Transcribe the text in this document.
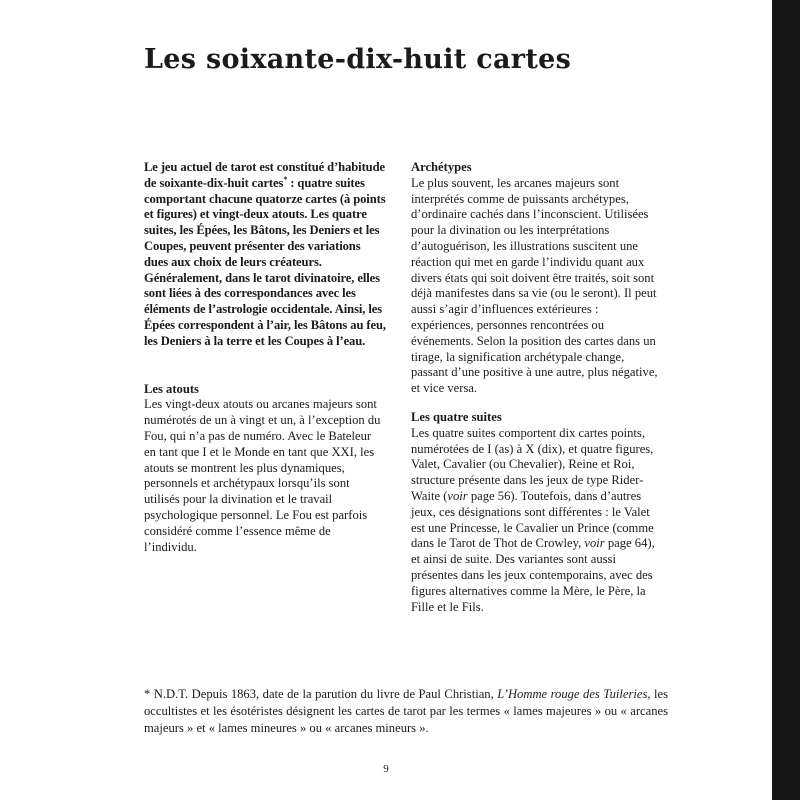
Les soixante-dix-huit cartes

Le jeu actuel de tarot est constitué d’habitude de soixante-dix-huit cartes* : quatre suites comportant chacune quatorze cartes (à points et figures) et vingt-deux atouts. Les quatre suites, les Épées, les Bâtons, les Deniers et les Coupes, peuvent présenter des variations dues aux choix de leurs créateurs. Généralement, dans le tarot divinatoire, elles sont liées à des correspondances avec les éléments de l’astrologie occidentale. Ainsi, les Épées correspondent à l’air, les Bâtons au feu, les Deniers à la terre et les Coupes à l’eau.

Les atouts

Les vingt-deux atouts ou arcanes majeurs sont numérotés de un à vingt et un, à l’exception du Fou, qui n’a pas de numéro. Avec le Bateleur en tant que I et le Monde en tant que XXI, les atouts se montrent les plus dynamiques, personnels et archétypaux lorsqu’ils sont utilisés pour la divination et le travail psychologique personnel. Le Fou est parfois considéré comme l’essence même de l’individu.

Archétypes

Le plus souvent, les arcanes majeurs sont interprétés comme de puissants archétypes, d’ordinaire cachés dans l’inconscient. Utilisées pour la divination ou les interprétations d’autoguérison, les illustrations suscitent une réaction qui met en garde l’individu quant aux divers états qui soit doivent être traités, soit sont déjà manifestes dans sa vie (ou le seront). Il peut aussi s’agir d’influences extérieures : expériences, personnes rencontrées ou événements. Selon la position des cartes dans un tirage, la signification archétypale change, passant d’une positive à une autre, plus négative, et vice versa.

Les quatre suites

Les quatre suites comportent dix cartes points, numérotées de I (as) à X (dix), et quatre figures, Valet, Cavalier (ou Chevalier), Reine et Roi, structure présente dans les jeux de type Rider-Waite (voir page 56). Toutefois, dans d’autres jeux, ces désignations sont différentes : le Valet est une Princesse, le Cavalier un Prince (comme dans le Tarot de Thot de Crowley, voir page 64), et ainsi de suite. Des variantes sont aussi présentes dans les jeux contemporains, avec des figures alternatives comme la Mère, le Père, la Fille et le Fils.

* N.D.T. Depuis 1863, date de la parution du livre de Paul Christian, L’Homme rouge des Tuileries, les occultistes et les ésotéristes désignent les cartes de tarot par les termes « lames majeures » ou « arcanes majeurs » et « lames mineures » ou « arcanes mineurs ».

9
